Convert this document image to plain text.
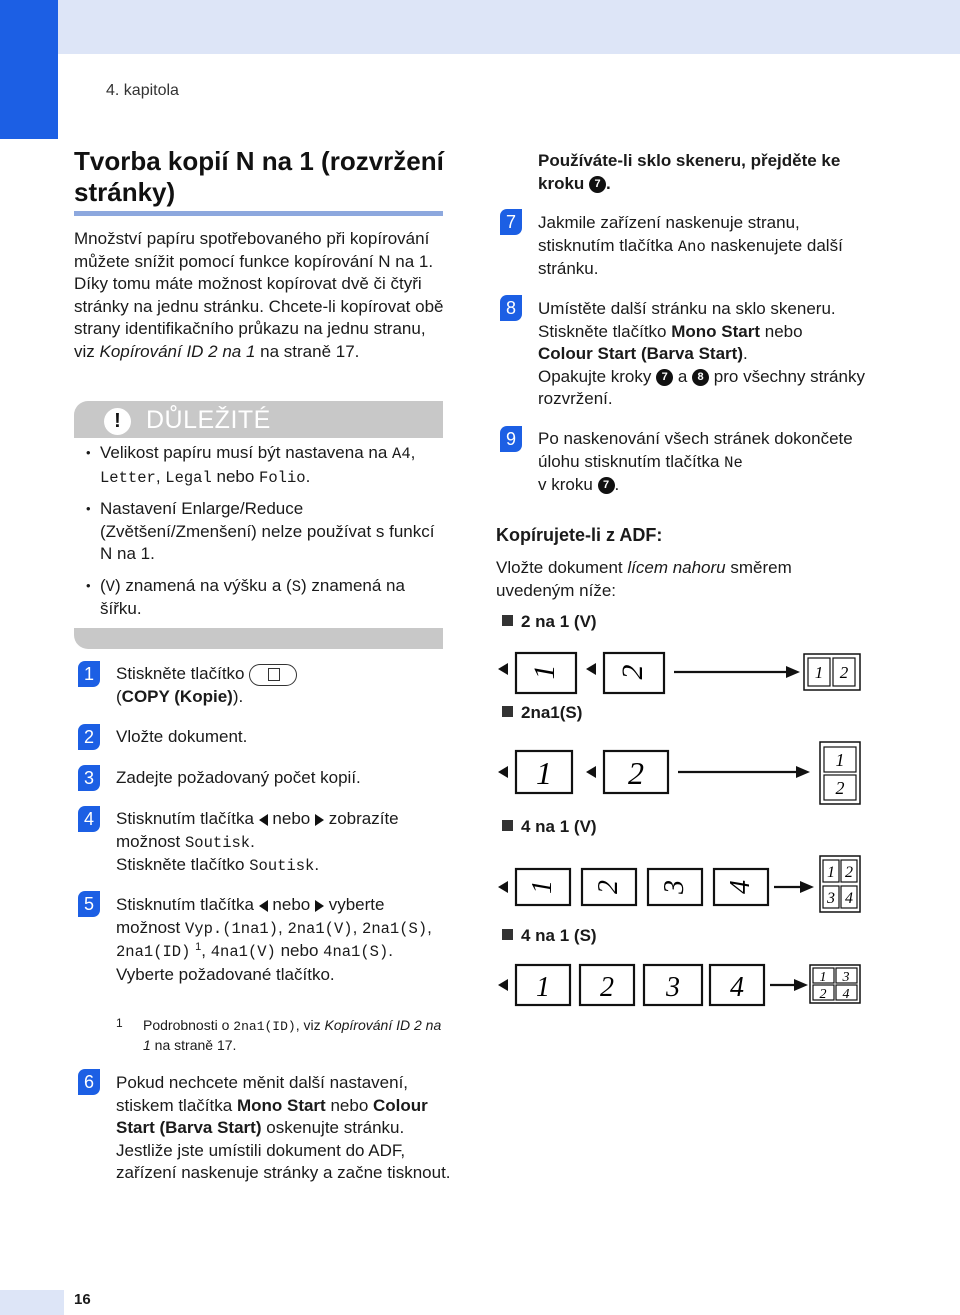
4. kapitola
Tvorba kopií N na 1 (rozvržení stránky)
Množství papíru spotřebovaného při kopírování můžete snížit pomocí funkce kopírování N na 1. Díky tomu máte možnost kopírovat dvě či čtyři stránky na jednu stránku. Chcete-li kopírovat obě strany identifikačního průkazu na jednu stranu, viz Kopírování ID 2 na 1 na straně 17.
!	DŮLEŽITÉ
• Velikost papíru musí být nastavena na A4, Letter, Legal nebo Folio.
• Nastavení Enlarge/Reduce (Zvětšení/Zmenšení) nelze používat s funkcí N na 1.
• (V) znamená na výšku a (S) znamená na šířku.
1	Stiskněte tlačítko

(COPY (Kopie)).
2	Vložte dokument.
3	Zadejte požadovaný počet kopií.
4	Stisknutím tlačítka nebo zobrazíte možnost Soutisk.
Stiskněte tlačítko Soutisk.
5	Stisknutím tlačítka nebo vyberte možnost Vyp.(1na1), 2na1(V), 2na1(S), 2na1(ID) $^1$, 4na1(V) nebo 4na1(S).
Vyberte požadované tlačítko.
1	Podrobnosti o 2na1(ID), viz Kopírování ID 2 na 1 na straně 17.
6	Pokud nechcete měnit další nastavení, stiskem tlačítka Mono Start nebo Colour Start (Barva Start) oskenujte stránku.
Jestliže jste umístili dokument do ADF, zařízení naskenuje stránky a začne tisknout.
Používáte-li sklo skeneru, přejděte ke kroku 7 .
7	Jakmile zařízení naskenuje stranu, stisknutím tlačítka Ano naskenujete další stránku.
8	Umístěte další stránku na sklo skeneru. Stiskněte tlačítko Mono Start nebo
Colour Start (Barva Start).
Opakujte kroky 7 a 8 pro všechny stránky rozvržení.
9	Po naskenování všech stránek dokončete úlohu stisknutím tlačítka Ne
v kroku 7 .
Kopírujete-li z ADF:
Vložte dokument lícem nahoru směrem uvedeným níže:
2 na 1 (V)
1 2	1 2
2na1(S)
1 2	1
2
4 na 1 (V)
1 2 3 4
1 2
3 4
4 na 1 (S)
1 2 3 4	1 3
2 4
16
